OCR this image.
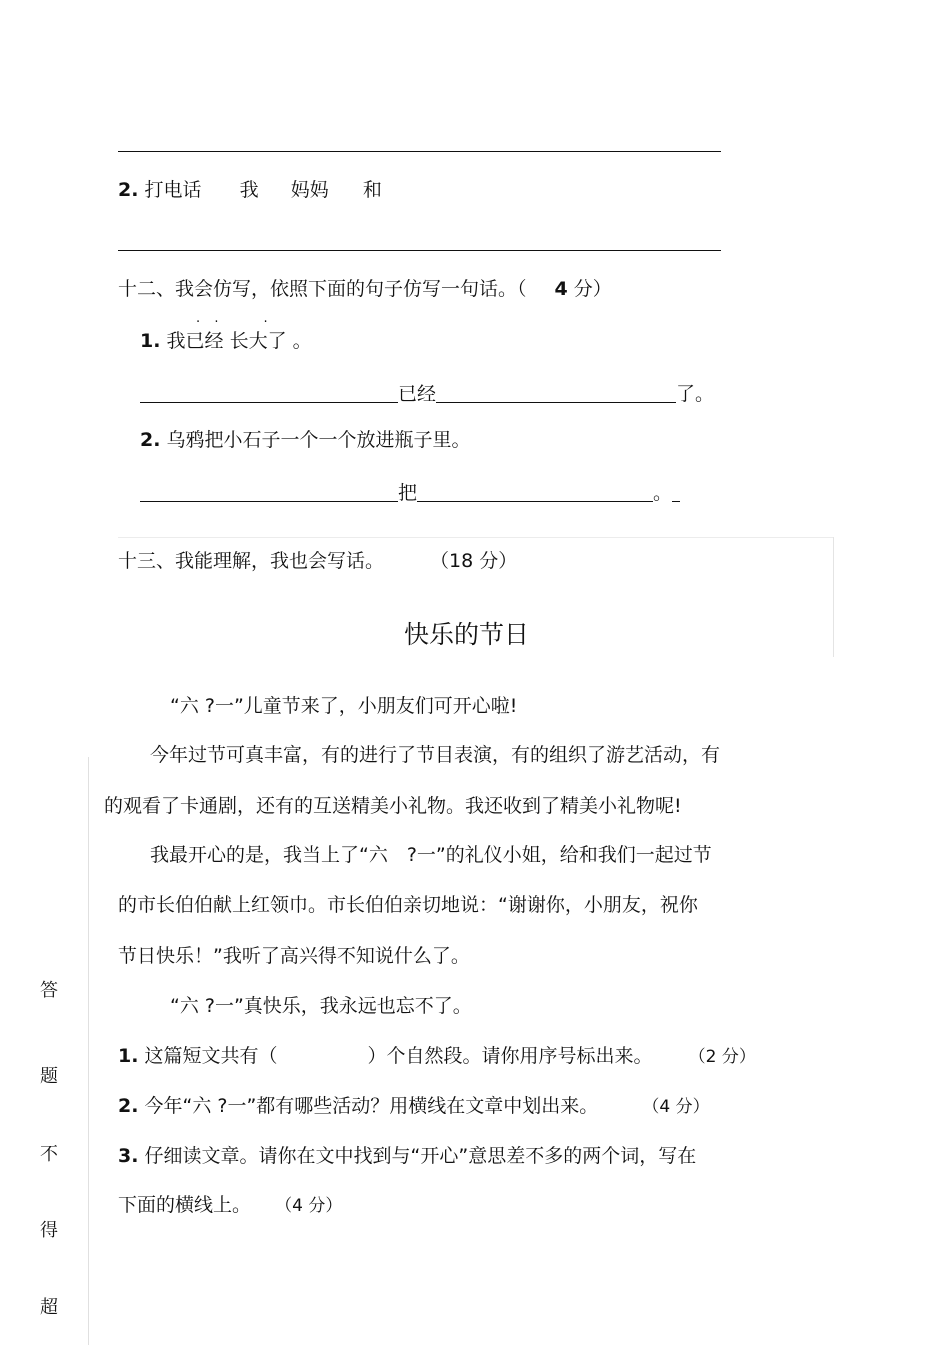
2. 打电话 我 妈妈 和
十二、我会仿写，依照下面的句子仿写一句话。（ 4 分）
·  ·       ·
1. 我已经 长大了 。
已经	了。
2. 乌鸦把小石子一个一个放进瓶子里。
把	。
十三、我能理解，我也会写话。 （18 分）
快乐的节日
“六 ?一”儿童节来了，小朋友们可开心啦!
今年过节可真丰富，有的进行了节目表演，有的组织了游艺活动，有
的观看了卡通剧，还有的互送精美小礼物。我还收到了精美小礼物呢!
我最开心的是，我当上了“六　?一”的礼仪小姐，给和我们一起过节
的市长伯伯献上红领巾。市长伯伯亲切地说：“谢谢你，小朋友，祝你
节日快乐！”我听了高兴得不知说什么了。
“六 ?一”真快乐，我永远也忘不了。
1. 这篇短文共有（	）个自然段。请你用序号标出来。 （2 分）
2. 今年“六 ?一”都有哪些活动？用横线在文章中划出来。	（4 分）
3. 仔细读文章。请你在文中找到与“开心”意思差不多的两个词，写在
下面的横线上。 （4 分）
答
题
不
得
超
